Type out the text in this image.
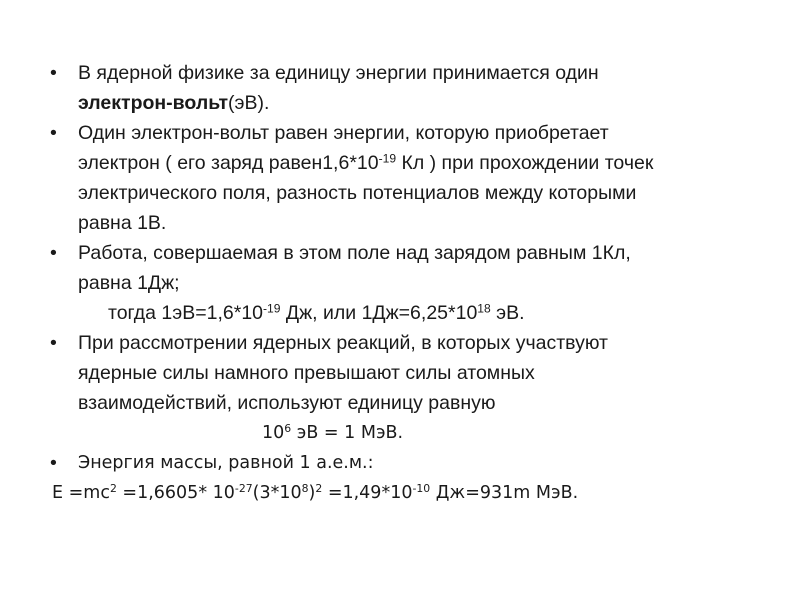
• В ядерной физике за единицу энергии принимается один
электрон-вольт(эВ).
• Один электрон-вольт равен энергии, которую приобретает
электрон ( его заряд $равен1,6*10^{-19}$ Кл ) при прохождении точек
электрического поля, разность потенциалов между которыми
равна 1В.
• Работа, совершаемая в этом поле над зарядом равным 1Кл,
равна 1Дж;
тогда $1эВ=1,6*10^{-19}$ Дж, или $1Дж=6,25*10^{18}$ эВ.
• При рассмотрении ядерных реакций, в которых участвуют
ядерные силы намного превышают силы атомных
взаимодействий, используют единицу равную
$10^6$ эВ = 1 МэВ.
• Энергия массы, равной 1 а.е.м.:
$E =mc^2 =1,6605*$ $10^{-27}(3*10^8)^2 =1,49*10^{-10}$ Дж=931m МэВ.
